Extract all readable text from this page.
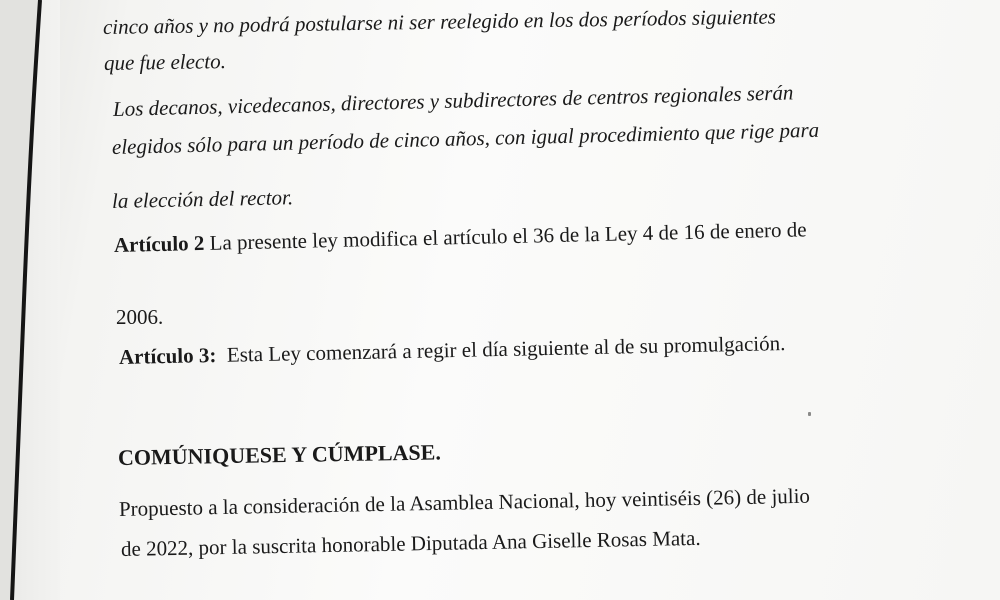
cinco años y no podrá postularse ni ser reelegido en los dos períodos siguientes

que fue electo.

Los decanos, vicedecanos, directores y subdirectores de centros regionales serán

elegidos sólo para un período de cinco años, con igual procedimiento que rige para

la elección del rector.

Artículo 2 La presente ley modifica el artículo el 36 de la Ley 4 de 16 de enero de

2006.

Artículo 3:  Esta Ley comenzará a regir el día siguiente al de su promulgación.

COMÚNIQUESE Y CÚMPLASE.

Propuesto a la consideración de la Asamblea Nacional, hoy veintiséis (26) de julio

de 2022, por la suscrita honorable Diputada Ana Giselle Rosas Mata.
